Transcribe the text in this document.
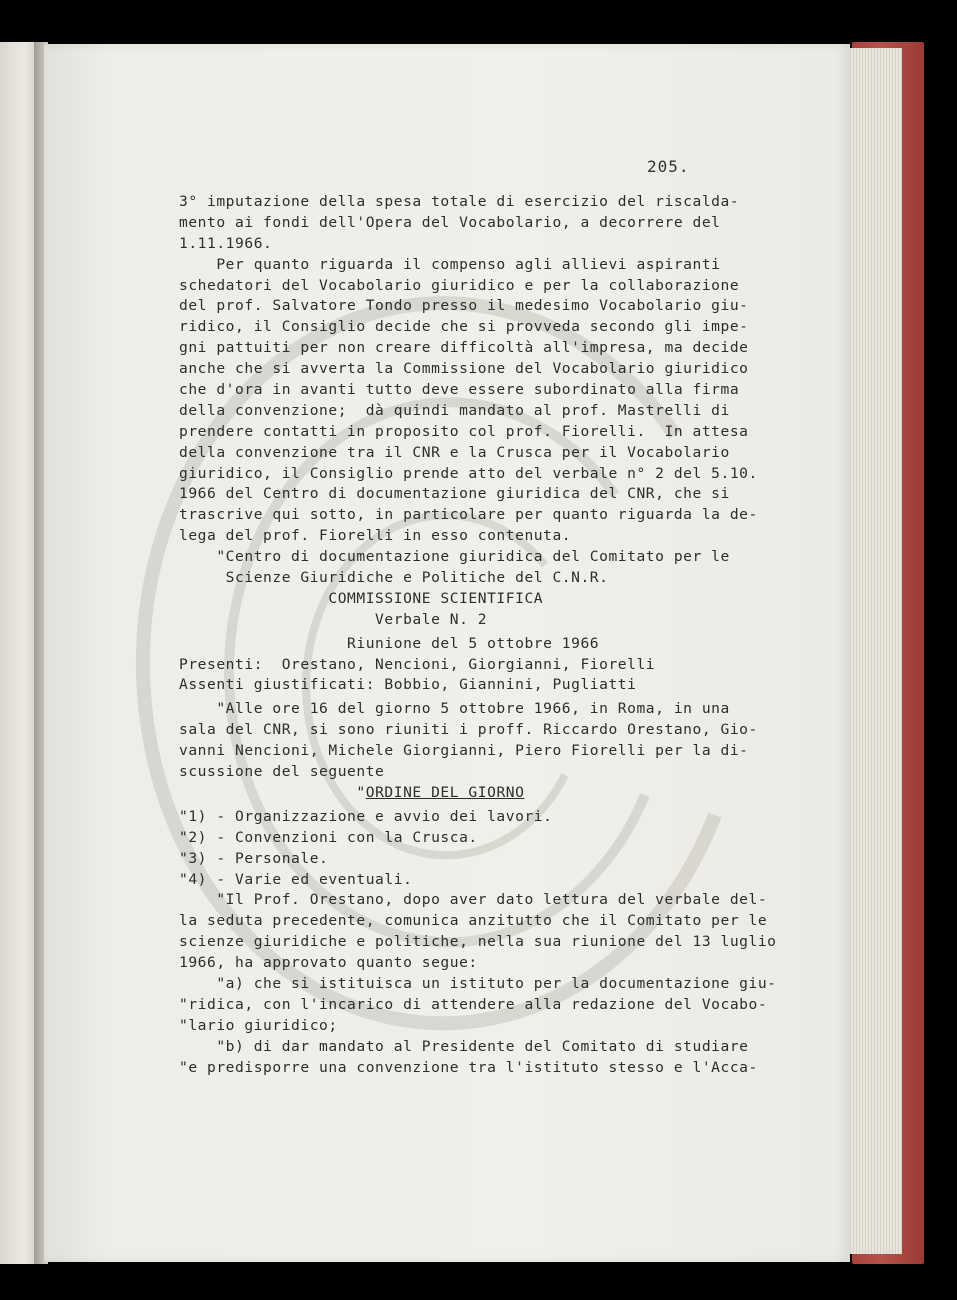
205.
3° imputazione della spesa totale di esercizio del riscalda-
mento ai fondi dell'Opera del Vocabolario, a decorrere del
1.11.1966.
Per quanto riguarda il compenso agli allievi aspiranti
schedatori del Vocabolario giuridico e per la collaborazione
del prof. Salvatore Tondo presso il medesimo Vocabolario giu-
ridico, il Consiglio decide che si provveda secondo gli impe-
gni pattuiti per non creare difficoltà all'impresa, ma decide
anche che si avverta la Commissione del Vocabolario giuridico
che d'ora in avanti tutto deve essere subordinato alla firma
della convenzione;  dà quindi mandato al prof. Mastrelli di
prendere contatti in proposito col prof. Fiorelli.  In attesa
della convenzione tra il CNR e la Crusca per il Vocabolario
giuridico, il Consiglio prende atto del verbale n° 2 del 5.10.
1966 del Centro di documentazione giuridica del CNR, che si
trascrive qui sotto, in particolare per quanto riguarda la de-
lega del prof. Fiorelli in esso contenuta.
"Centro di documentazione giuridica del Comitato per le
Scienze Giuridiche e Politiche del C.N.R.
COMMISSIONE SCIENTIFICA
Verbale N. 2
Riunione del 5 ottobre 1966
Presenti:  Orestano, Nencioni, Giorgianni, Fiorelli
Assenti giustificati: Bobbio, Giannini, Pugliatti
"Alle ore 16 del giorno 5 ottobre 1966, in Roma, in una
sala del CNR, si sono riuniti i proff. Riccardo Orestano, Gio-
vanni Nencioni, Michele Giorgianni, Piero Fiorelli per la di-
scussione del seguente
"ORDINE DEL GIORNO
"1) - Organizzazione e avvio dei lavori.
"2) - Convenzioni con la Crusca.
"3) - Personale.
"4) - Varie ed eventuali.
"Il Prof. Orestano, dopo aver dato lettura del verbale del-
la seduta precedente, comunica anzitutto che il Comitato per le
scienze giuridiche e politiche, nella sua riunione del 13 luglio
1966, ha approvato quanto segue:
"a) che si istituisca un istituto per la documentazione giu-
"ridica, con l'incarico di attendere alla redazione del Vocabo-
"lario giuridico;
"b) di dar mandato al Presidente del Comitato di studiare
"e predisporre una convenzione tra l'istituto stesso e l'Acca-
